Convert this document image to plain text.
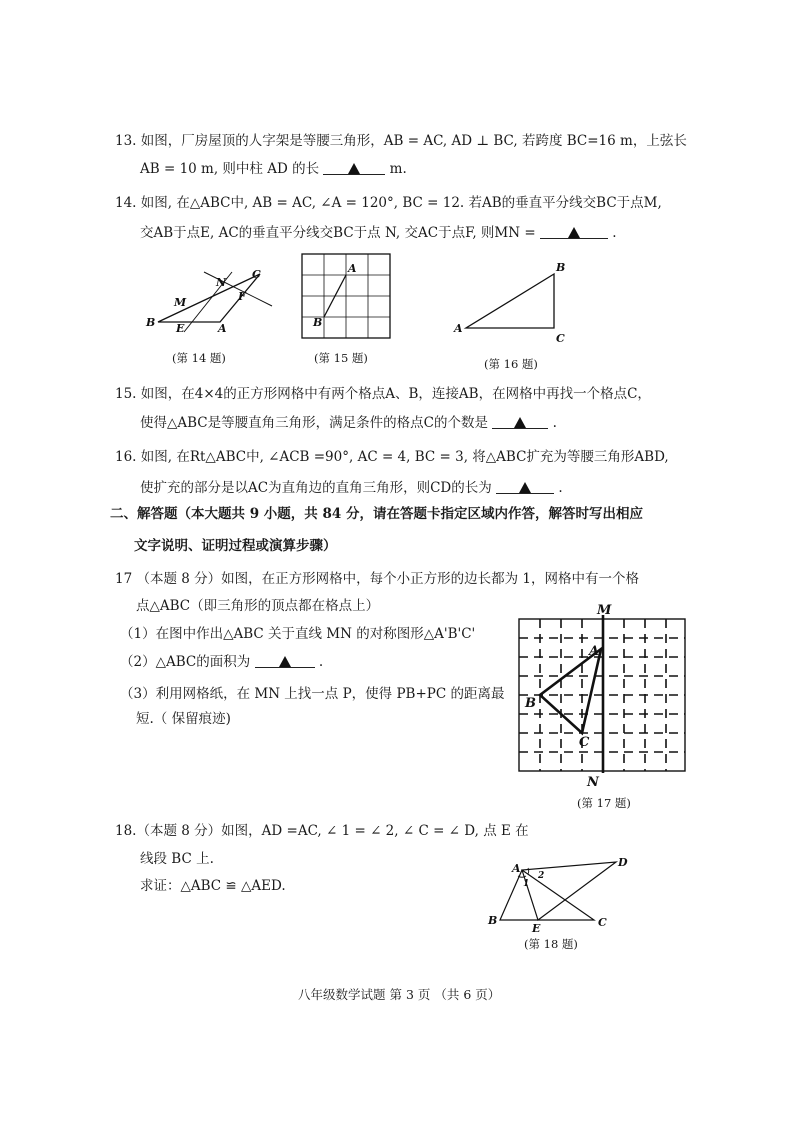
13. 如图，厂房屋顶的人字架是等腰三角形，AB = AC, AD ⊥ BC, 若跨度 BC=16 m，上弦长
AB = 10 m, 则中柱 AD 的长	m.
14. 如图, 在△ABC中, AB = AC, ∠A = 120°, BC = 12. 若AB的垂直平分线交BC于点M,
交AB于点E, AC的垂直平分线交BC于点 N, 交AC于点F, 则MN =	.
B E	A
M
N
F
C
(第 14 题)
A
B
(第 15 题)
A
B
C
(第 16 题)
15. 如图，在4×4的正方形网格中有两个格点A、B，连接AB，在网格中再找一个格点C，
使得△ABC是等腰直角三角形，满足条件的格点C的个数是	.
16. 如图, 在Rt△ABC中, ∠ACB =90°, AC = 4, BC = 3, 将△ABC扩充为等腰三角形ABD,
使扩充的部分是以AC为直角边的直角三角形，则CD的长为	.
二、解答题（本大题共 9 小题，共 84 分，请在答题卡指定区域内作答，解答时写出相应
文字说明、证明过程或演算步骤）
17 （本题 8 分）如图，在正方形网格中，每个小正方形的边长都为 1，网格中有一个格
点△ABC（即三角形的顶点都在格点上）
（1）在图中作出△ABC 关于直线 MN 的对称图形△A'B'C'
（2）△ABC的面积为	.
（3）利用网格纸，在 MN 上找一点 P，使得 PB+PC 的距离最
短.（ 保留痕迹)
M
N
A
B
C
(第 17 题)
18.（本题 8 分）如图，AD =AC, ∠ 1 = ∠ 2, ∠ C = ∠ D, 点 E 在
线段 BC 上.
求证：△ABC ≌ △AED.
A	D
B
E	C
1
2
(第 18 题)
八年级数学试题 第 3 页 （共 6 页）
